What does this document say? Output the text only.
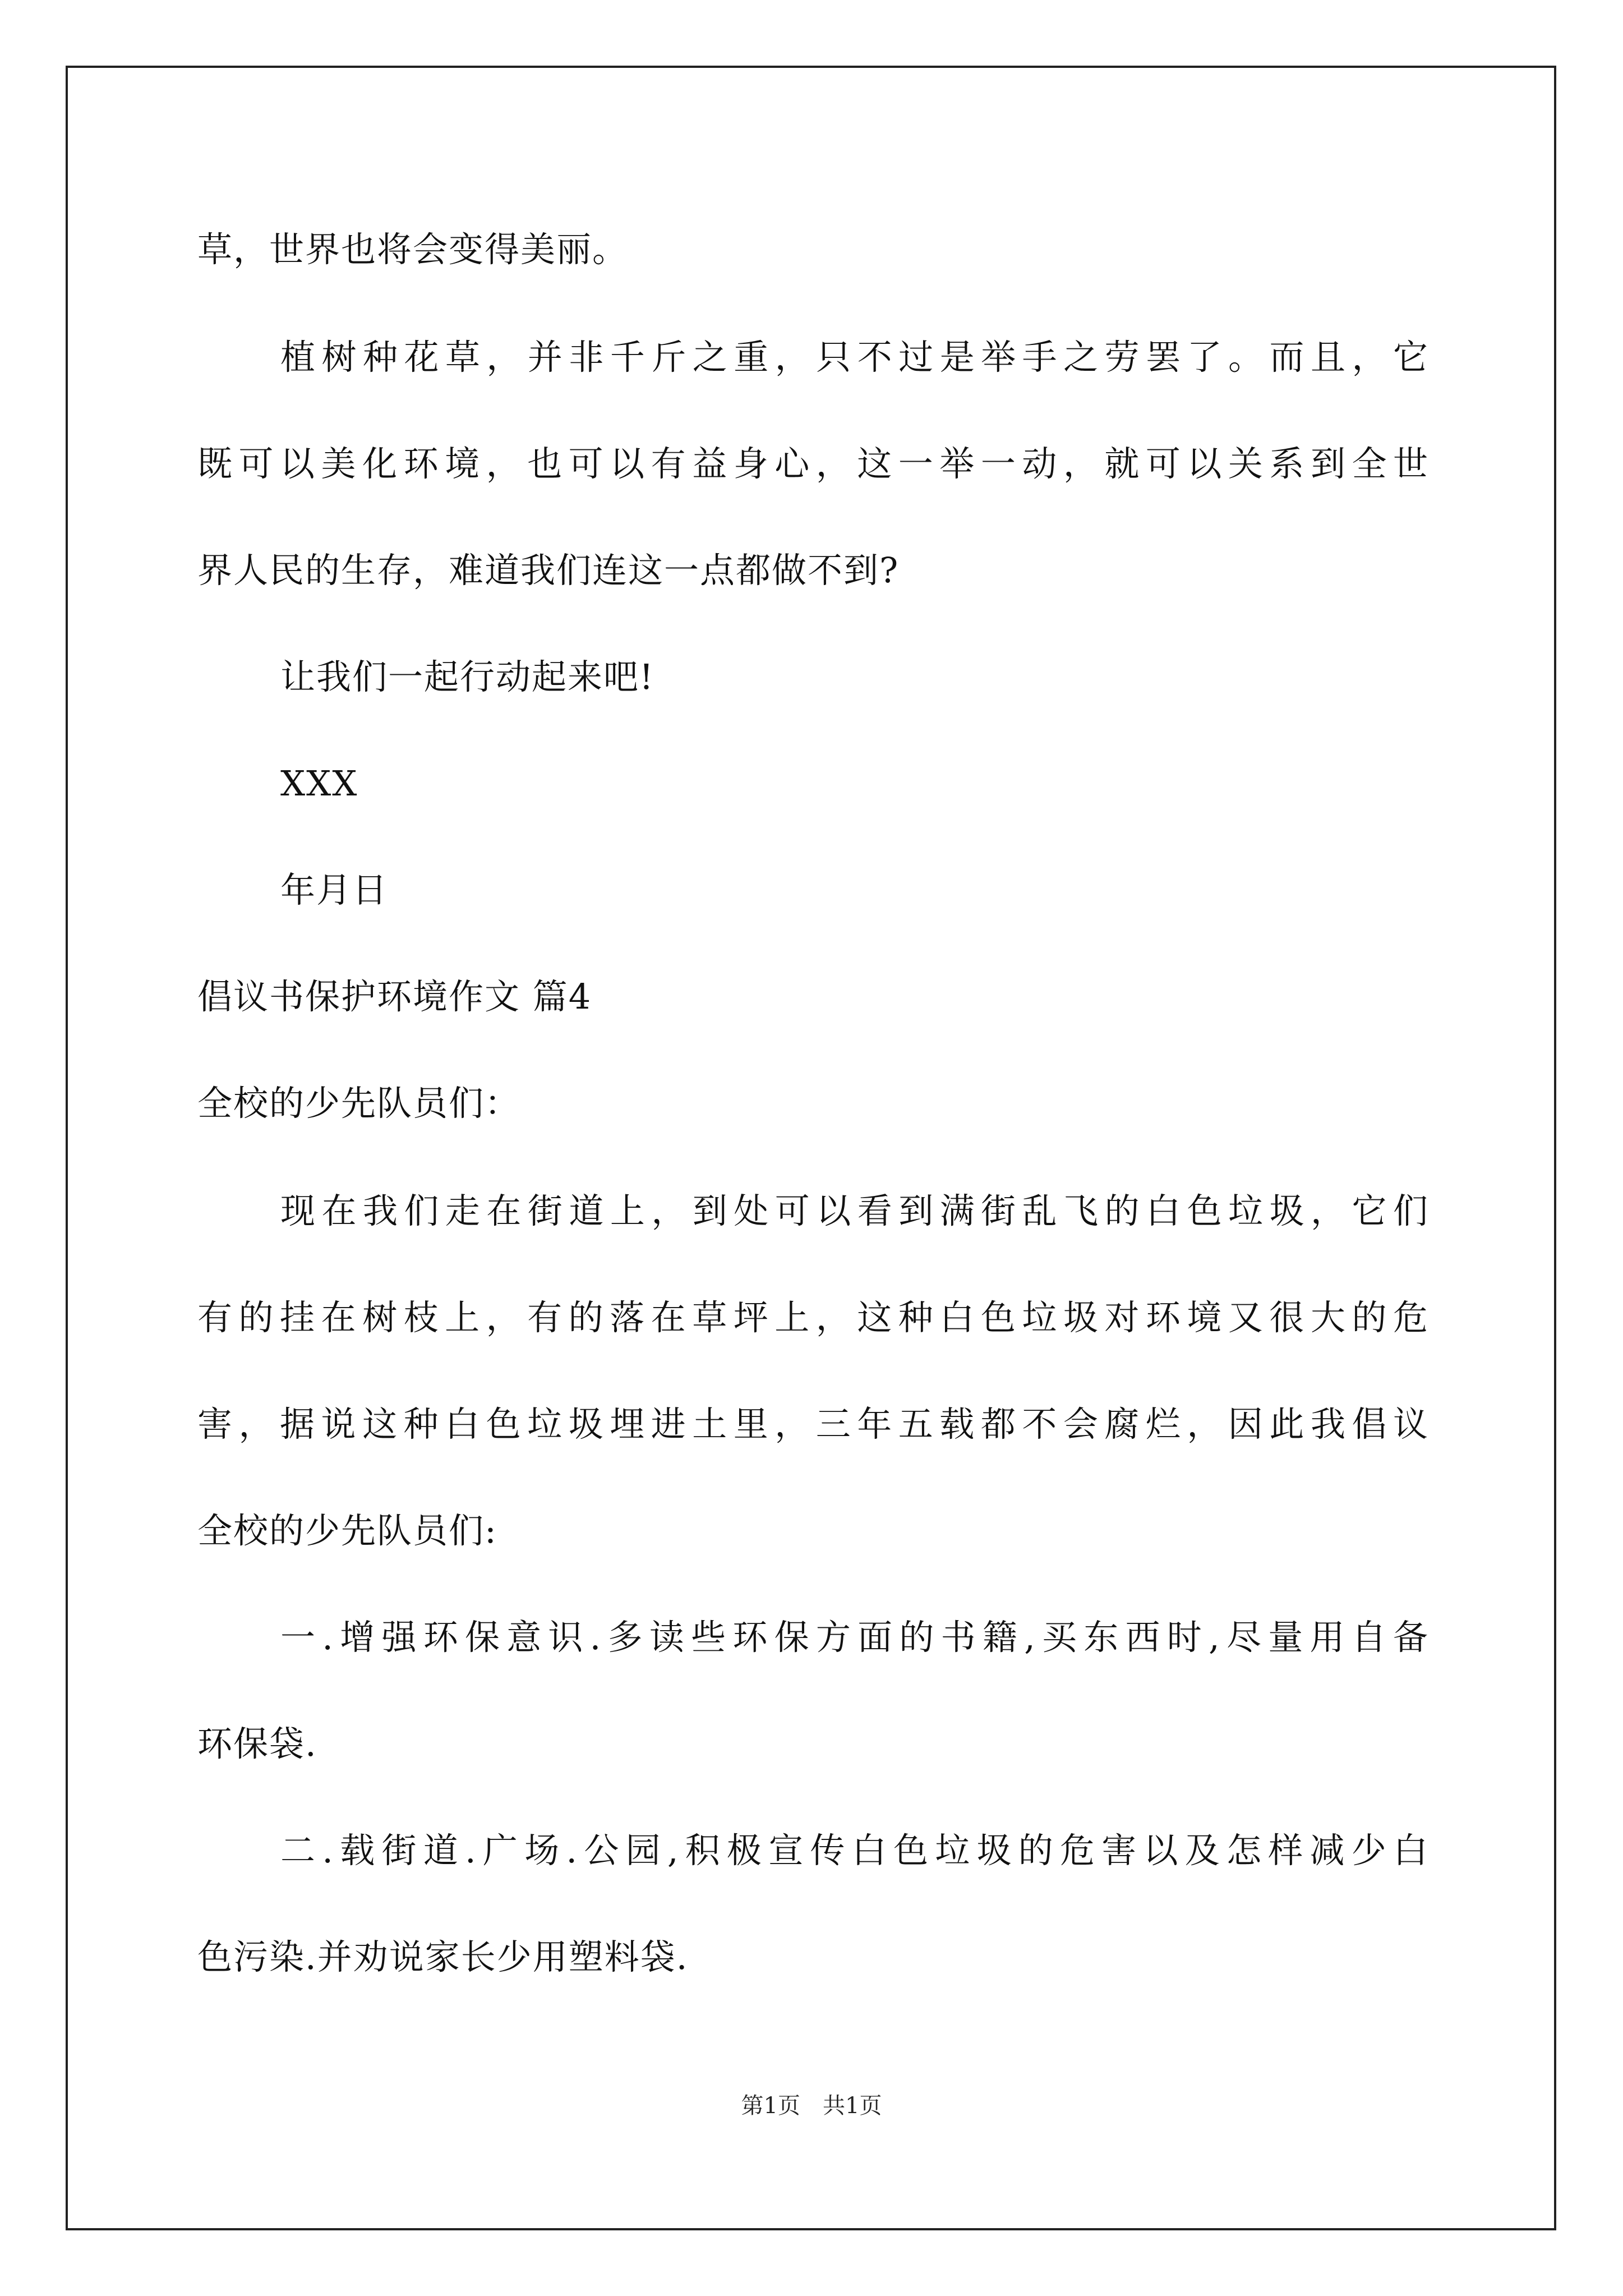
草，世界也将会变得美丽。
植树种花草，并非千斤之重，只不过是举手之劳罢了。而且，它
既可以美化环境，也可以有益身心，这一举一动，就可以关系到全世
界人民的生存，难道我们连这一点都做不到?
让我们一起行动起来吧!
XXX
年月日
倡议书保护环境作文 篇4
全校的少先队员们：
现在我们走在街道上，到处可以看到满街乱飞的白色垃圾，它们
有的挂在树枝上，有的落在草坪上，这种白色垃圾对环境又很大的危
害，据说这种白色垃圾埋进土里，三年五载都不会腐烂，因此我倡议
全校的少先队员们:
一.增强环保意识.多读些环保方面的书籍,买东西时,尽量用自备
环保袋.
二.载街道.广场.公园,积极宣传白色垃圾的危害以及怎样减少白
色污染.并劝说家长少用塑料袋.
第1页　共1页
